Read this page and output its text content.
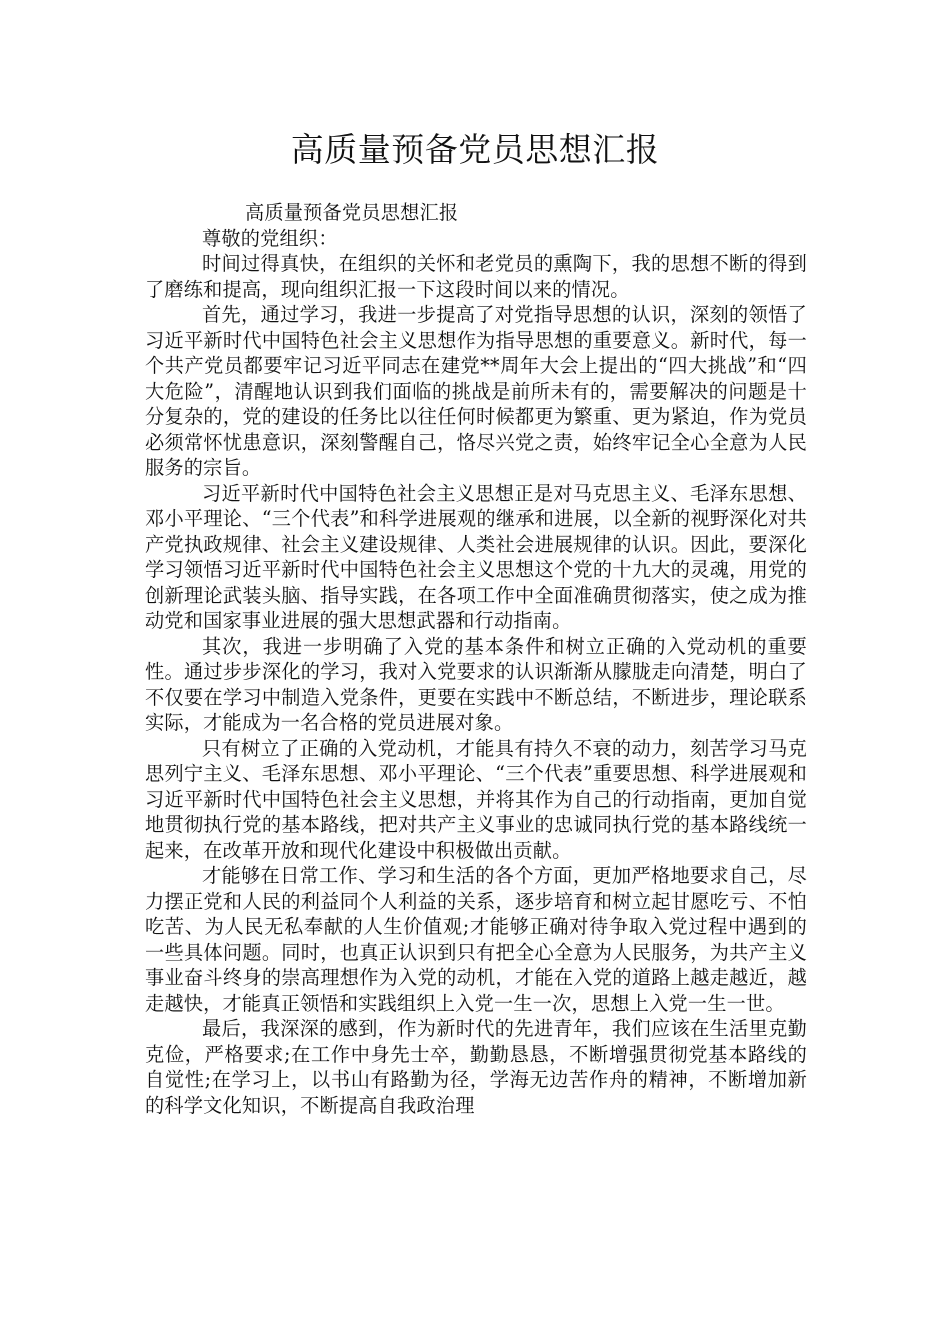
高质量预备党员思想汇报

高质量预备党员思想汇报

尊敬的党组织：

时间过得真快，在组织的关怀和老党员的熏陶下，我的思想不断的得到了磨练和提高，现向组织汇报一下这段时间以来的情况。

首先，通过学习，我进一步提高了对党指导思想的认识，深刻的领悟了习近平新时代中国特色社会主义思想作为指导思想的重要意义。新时代，每一个共产党员都要牢记习近平同志在建党**周年大会上提出的“四大挑战”和“四大危险”，清醒地认识到我们面临的挑战是前所未有的，需要解决的问题是十分复杂的，党的建设的任务比以往任何时候都更为繁重、更为紧迫，作为党员必须常怀忧患意识，深刻警醒自己，恪尽兴党之责，始终牢记全心全意为人民服务的宗旨。

习近平新时代中国特色社会主义思想正是对马克思主义、毛泽东思想、邓小平理论、“三个代表”和科学进展观的继承和进展，以全新的视野深化对共产党执政规律、社会主义建设规律、人类社会进展规律的认识。因此，要深化学习领悟习近平新时代中国特色社会主义思想这个党的十九大的灵魂，用党的创新理论武装头脑、指导实践，在各项工作中全面准确贯彻落实，使之成为推动党和国家事业进展的强大思想武器和行动指南。

其次，我进一步明确了入党的基本条件和树立正确的入党动机的重要性。通过步步深化的学习，我对入党要求的认识渐渐从朦胧走向清楚，明白了不仅要在学习中制造入党条件，更要在实践中不断总结，不断进步，理论联系实际，才能成为一名合格的党员进展对象。

只有树立了正确的入党动机，才能具有持久不衰的动力，刻苦学习马克思列宁主义、毛泽东思想、邓小平理论、“三个代表”重要思想、科学进展观和习近平新时代中国特色社会主义思想，并将其作为自己的行动指南，更加自觉地贯彻执行党的基本路线，把对共产主义事业的忠诚同执行党的基本路线统一起来，在改革开放和现代化建设中积极做出贡献。

才能够在日常工作、学习和生活的各个方面，更加严格地要求自己，尽力摆正党和人民的利益同个人利益的关系，逐步培育和树立起甘愿吃亏、不怕吃苦、为人民无私奉献的人生价值观;才能够正确对待争取入党过程中遇到的一些具体问题。同时，也真正认识到只有把全心全意为人民服务，为共产主义事业奋斗终身的崇高理想作为入党的动机，才能在入党的道路上越走越近，越走越快，才能真正领悟和实践组织上入党一生一次，思想上入党一生一世。

最后，我深深的感到，作为新时代的先进青年，我们应该在生活里克勤克俭，严格要求;在工作中身先士卒，勤勤恳恳，不断增强贯彻党基本路线的自觉性;在学习上，以书山有路勤为径，学海无边苦作舟的精神，不断增加新的科学文化知识，不断提高自我政治理
